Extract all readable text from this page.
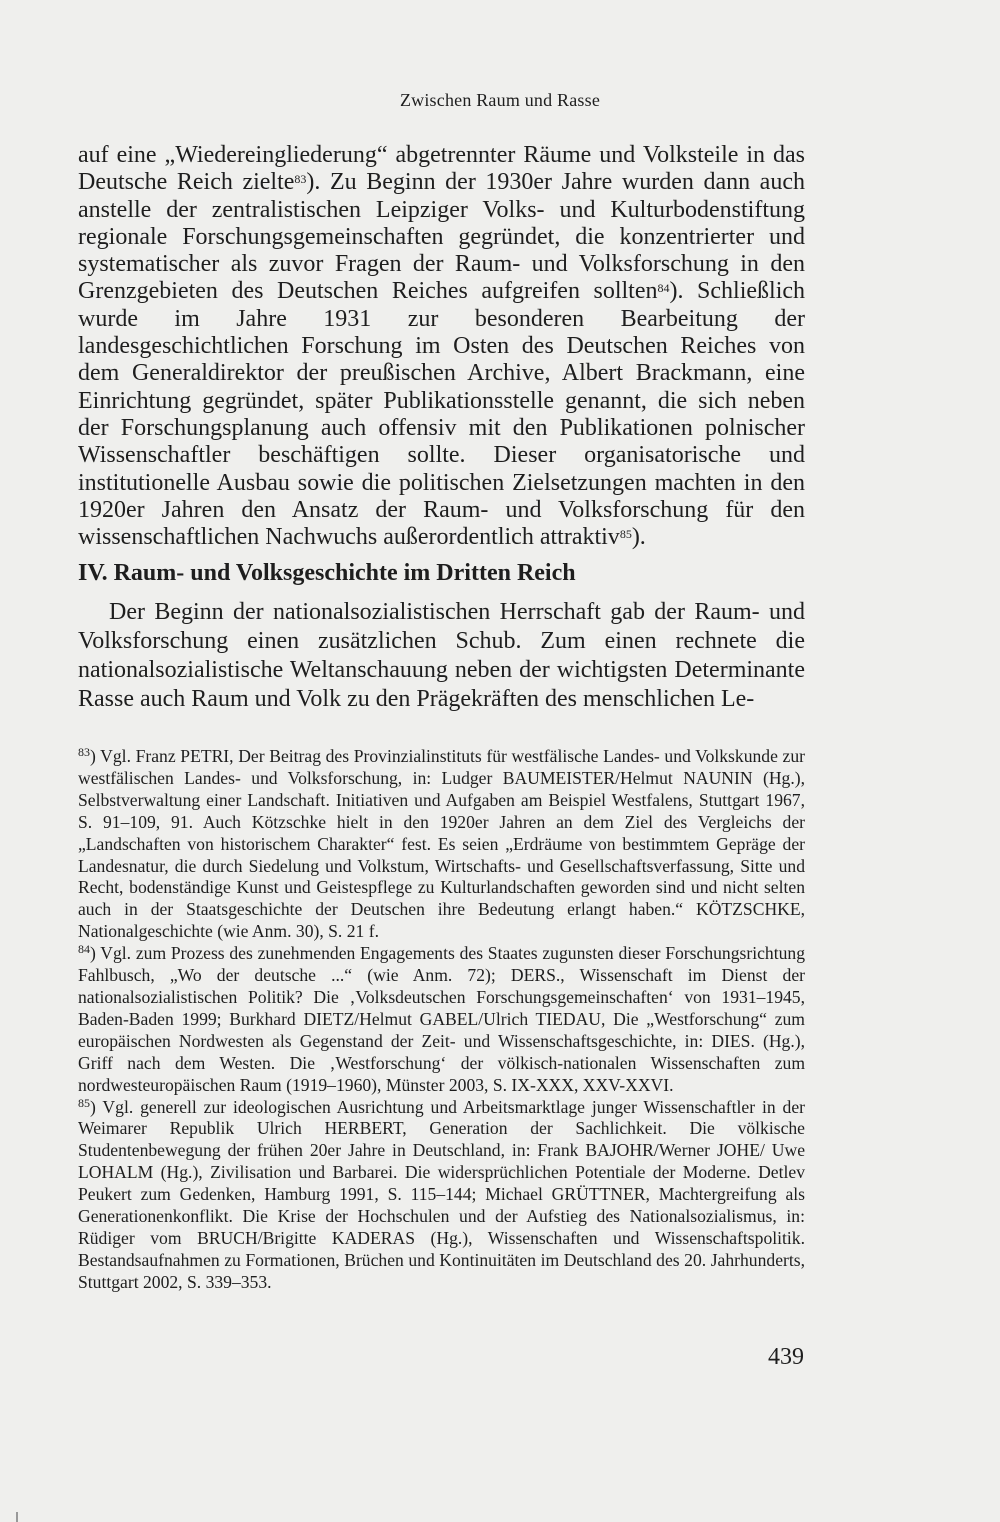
Zwischen Raum und Rasse

auf eine „Wiedereingliederung“ abgetrennter Räume und Volksteile in das Deutsche Reich zielte$^{83}$). Zu Beginn der 1930er Jahre wurden dann auch anstelle der zentralistischen Leipziger Volks- und Kulturbodenstiftung regionale Forschungsgemeinschaften gegründet, die konzentrierter und systematischer als zuvor Fragen der Raum- und Volksforschung in den Grenzgebieten des Deutschen Reiches aufgreifen sollten$^{84}$). Schließlich wurde im Jahre 1931 zur besonderen Bearbeitung der landesgeschichtlichen Forschung im Osten des Deutschen Reiches von dem Generaldirektor der preußischen Archive, Albert Brackmann, eine Einrichtung gegründet, später Publikationsstelle genannt, die sich neben der Forschungsplanung auch offensiv mit den Publikationen polnischer Wissenschaftler beschäftigen sollte. Dieser organisatorische und institutionelle Ausbau sowie die politischen Zielsetzungen machten in den 1920er Jahren den Ansatz der Raum- und Volksforschung für den wissenschaftlichen Nachwuchs außerordentlich attraktiv$^{85}$).

IV. Raum- und Volksgeschichte im Dritten Reich

Der Beginn der nationalsozialistischen Herrschaft gab der Raum- und Volksforschung einen zusätzlichen Schub. Zum einen rechnete die nationalsozialistische Weltanschauung neben der wichtigsten Determinante Rasse auch Raum und Volk zu den Prägekräften des menschlichen Le-

$^{83}$) Vgl. Franz PETRI, Der Beitrag des Provinzialinstituts für westfälische Landes- und Volkskunde zur westfälischen Landes- und Volksforschung, in: Ludger BAUMEISTER/Helmut NAUNIN (Hg.), Selbstverwaltung einer Landschaft. Initiativen und Aufgaben am Beispiel Westfalens, Stuttgart 1967, S. 91–109, 91. Auch Kötzschke hielt in den 1920er Jahren an dem Ziel des Vergleichs der „Landschaften von historischem Charakter“ fest. Es seien „Erdräume von bestimmtem Gepräge der Landesnatur, die durch Siedelung und Volkstum, Wirtschafts- und Gesellschaftsverfassung, Sitte und Recht, bodenständige Kunst und Geistespflege zu Kulturlandschaften geworden sind und nicht selten auch in der Staatsgeschichte der Deutschen ihre Bedeutung erlangt haben.“ KÖTZSCHKE, Nationalgeschichte (wie Anm. 30), S. 21 f.

$^{84}$) Vgl. zum Prozess des zunehmenden Engagements des Staates zugunsten dieser Forschungsrichtung Fahlbusch, „Wo der deutsche ...“ (wie Anm. 72); DERS., Wissenschaft im Dienst der nationalsozialistischen Politik? Die ‚Volksdeutschen Forschungsgemeinschaften‘ von 1931–1945, Baden-Baden 1999; Burkhard DIETZ/Helmut GABEL/Ulrich TIEDAU, Die „Westforschung“ zum europäischen Nordwesten als Gegenstand der Zeit- und Wissenschaftsgeschichte, in: DIES. (Hg.), Griff nach dem Westen. Die ‚Westforschung‘ der völkisch-nationalen Wissenschaften zum nordwesteuropäischen Raum (1919–1960), Münster 2003, S. IX-XXX, XXV-XXVI.

$^{85}$) Vgl. generell zur ideologischen Ausrichtung und Arbeitsmarktlage junger Wissenschaftler in der Weimarer Republik Ulrich HERBERT, Generation der Sachlichkeit. Die völkische Studentenbewegung der frühen 20er Jahre in Deutschland, in: Frank BAJOHR/Werner JOHE/ Uwe LOHALM (Hg.), Zivilisation und Barbarei. Die widersprüchlichen Potentiale der Moderne. Detlev Peukert zum Gedenken, Hamburg 1991, S. 115–144; Michael GRÜTTNER, Machtergreifung als Generationenkonflikt. Die Krise der Hochschulen und der Aufstieg des Nationalsozialismus, in: Rüdiger vom BRUCH/Brigitte KADERAS (Hg.), Wissenschaften und Wissenschaftspolitik. Bestandsaufnahmen zu Formationen, Brüchen und Kontinuitäten im Deutschland des 20. Jahrhunderts, Stuttgart 2002, S. 339–353.

439
